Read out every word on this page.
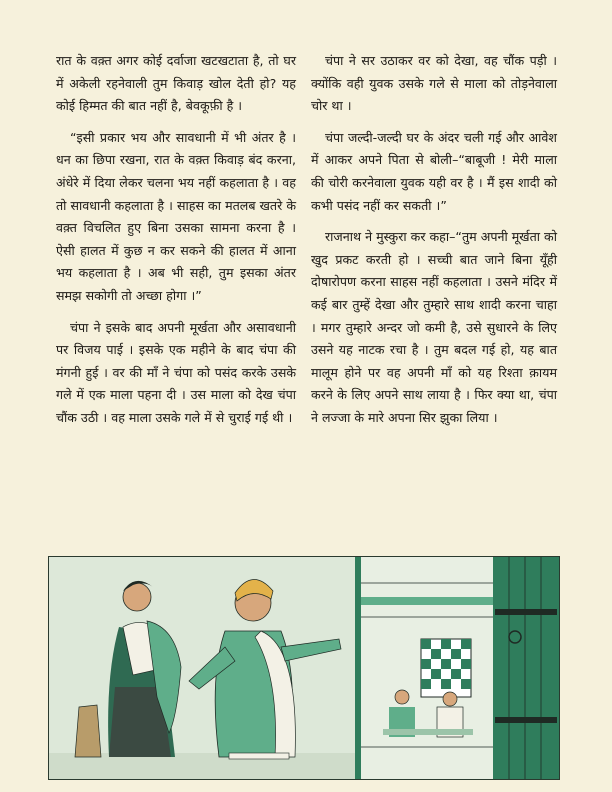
रात के वक़्त अगर कोई दर्वाजा खटखटाता है, तो घर में अकेली रहनेवाली तुम किवाड़ खोल देती हो? यह कोई हिम्मत की बात नहीं है, बेवकूफ़ी है ।

“इसी प्रकार भय और सावधानी में भी अंतर है । धन का छिपा रखना, रात के वक़्त किवाड़ बंद करना, अंधेरे में दिया लेकर चलना भय नहीं कहलाता है । वह तो सावधानी कहलाता है । साहस का मतलब खतरे के वक़्त विचलित हुए बिना उसका सामना करना है । ऐसी हालत में कुछ न कर सकने की हालत में आना भय कहलाता है । अब भी सही, तुम इसका अंतर समझ सकोगी तो अच्छा होगा ।”

चंपा ने इसके बाद अपनी मूर्खता और असावधानी पर विजय पाई । इसके एक महीने के बाद चंपा की मंगनी हुई । वर की माँ ने चंपा को पसंद करके उसके गले में एक माला पहना दी । उस माला को देख चंपा चौंक उठी । वह माला उसके गले में से चुराई गई थी ।

चंपा ने सर उठाकर वर को देखा, वह चौंक पड़ी । क्योंकि वही युवक उसके गले से माला को तोड़नेवाला चोर था ।

चंपा जल्दी-जल्दी घर के अंदर चली गई और आवेश में आकर अपने पिता से बोली–“बाबूजी ! मेरी माला की चोरी करनेवाला युवक यही वर है । मैं इस शादी को कभी पसंद नहीं कर सकती ।”

राजनाथ ने मुस्कुरा कर कहा–“तुम अपनी मूर्खता को खुद प्रकट करती हो । सच्ची बात जाने बिना यूँही दोषारोपण करना साहस नहीं कहलाता । उसने मंदिर में कई बार तुम्हें देखा और तुम्हारे साथ शादी करना चाहा । मगर तुम्हारे अन्दर जो कमी है, उसे सुधारने के लिए उसने यह नाटक रचा है । तुम बदल गई हो, यह बात मालूम होने पर वह अपनी माँ को यह रिश्ता क़ायम करने के लिए अपने साथ लाया है । फिर क्या था, चंपा ने लज्जा के मारे अपना सिर झुका लिया ।
